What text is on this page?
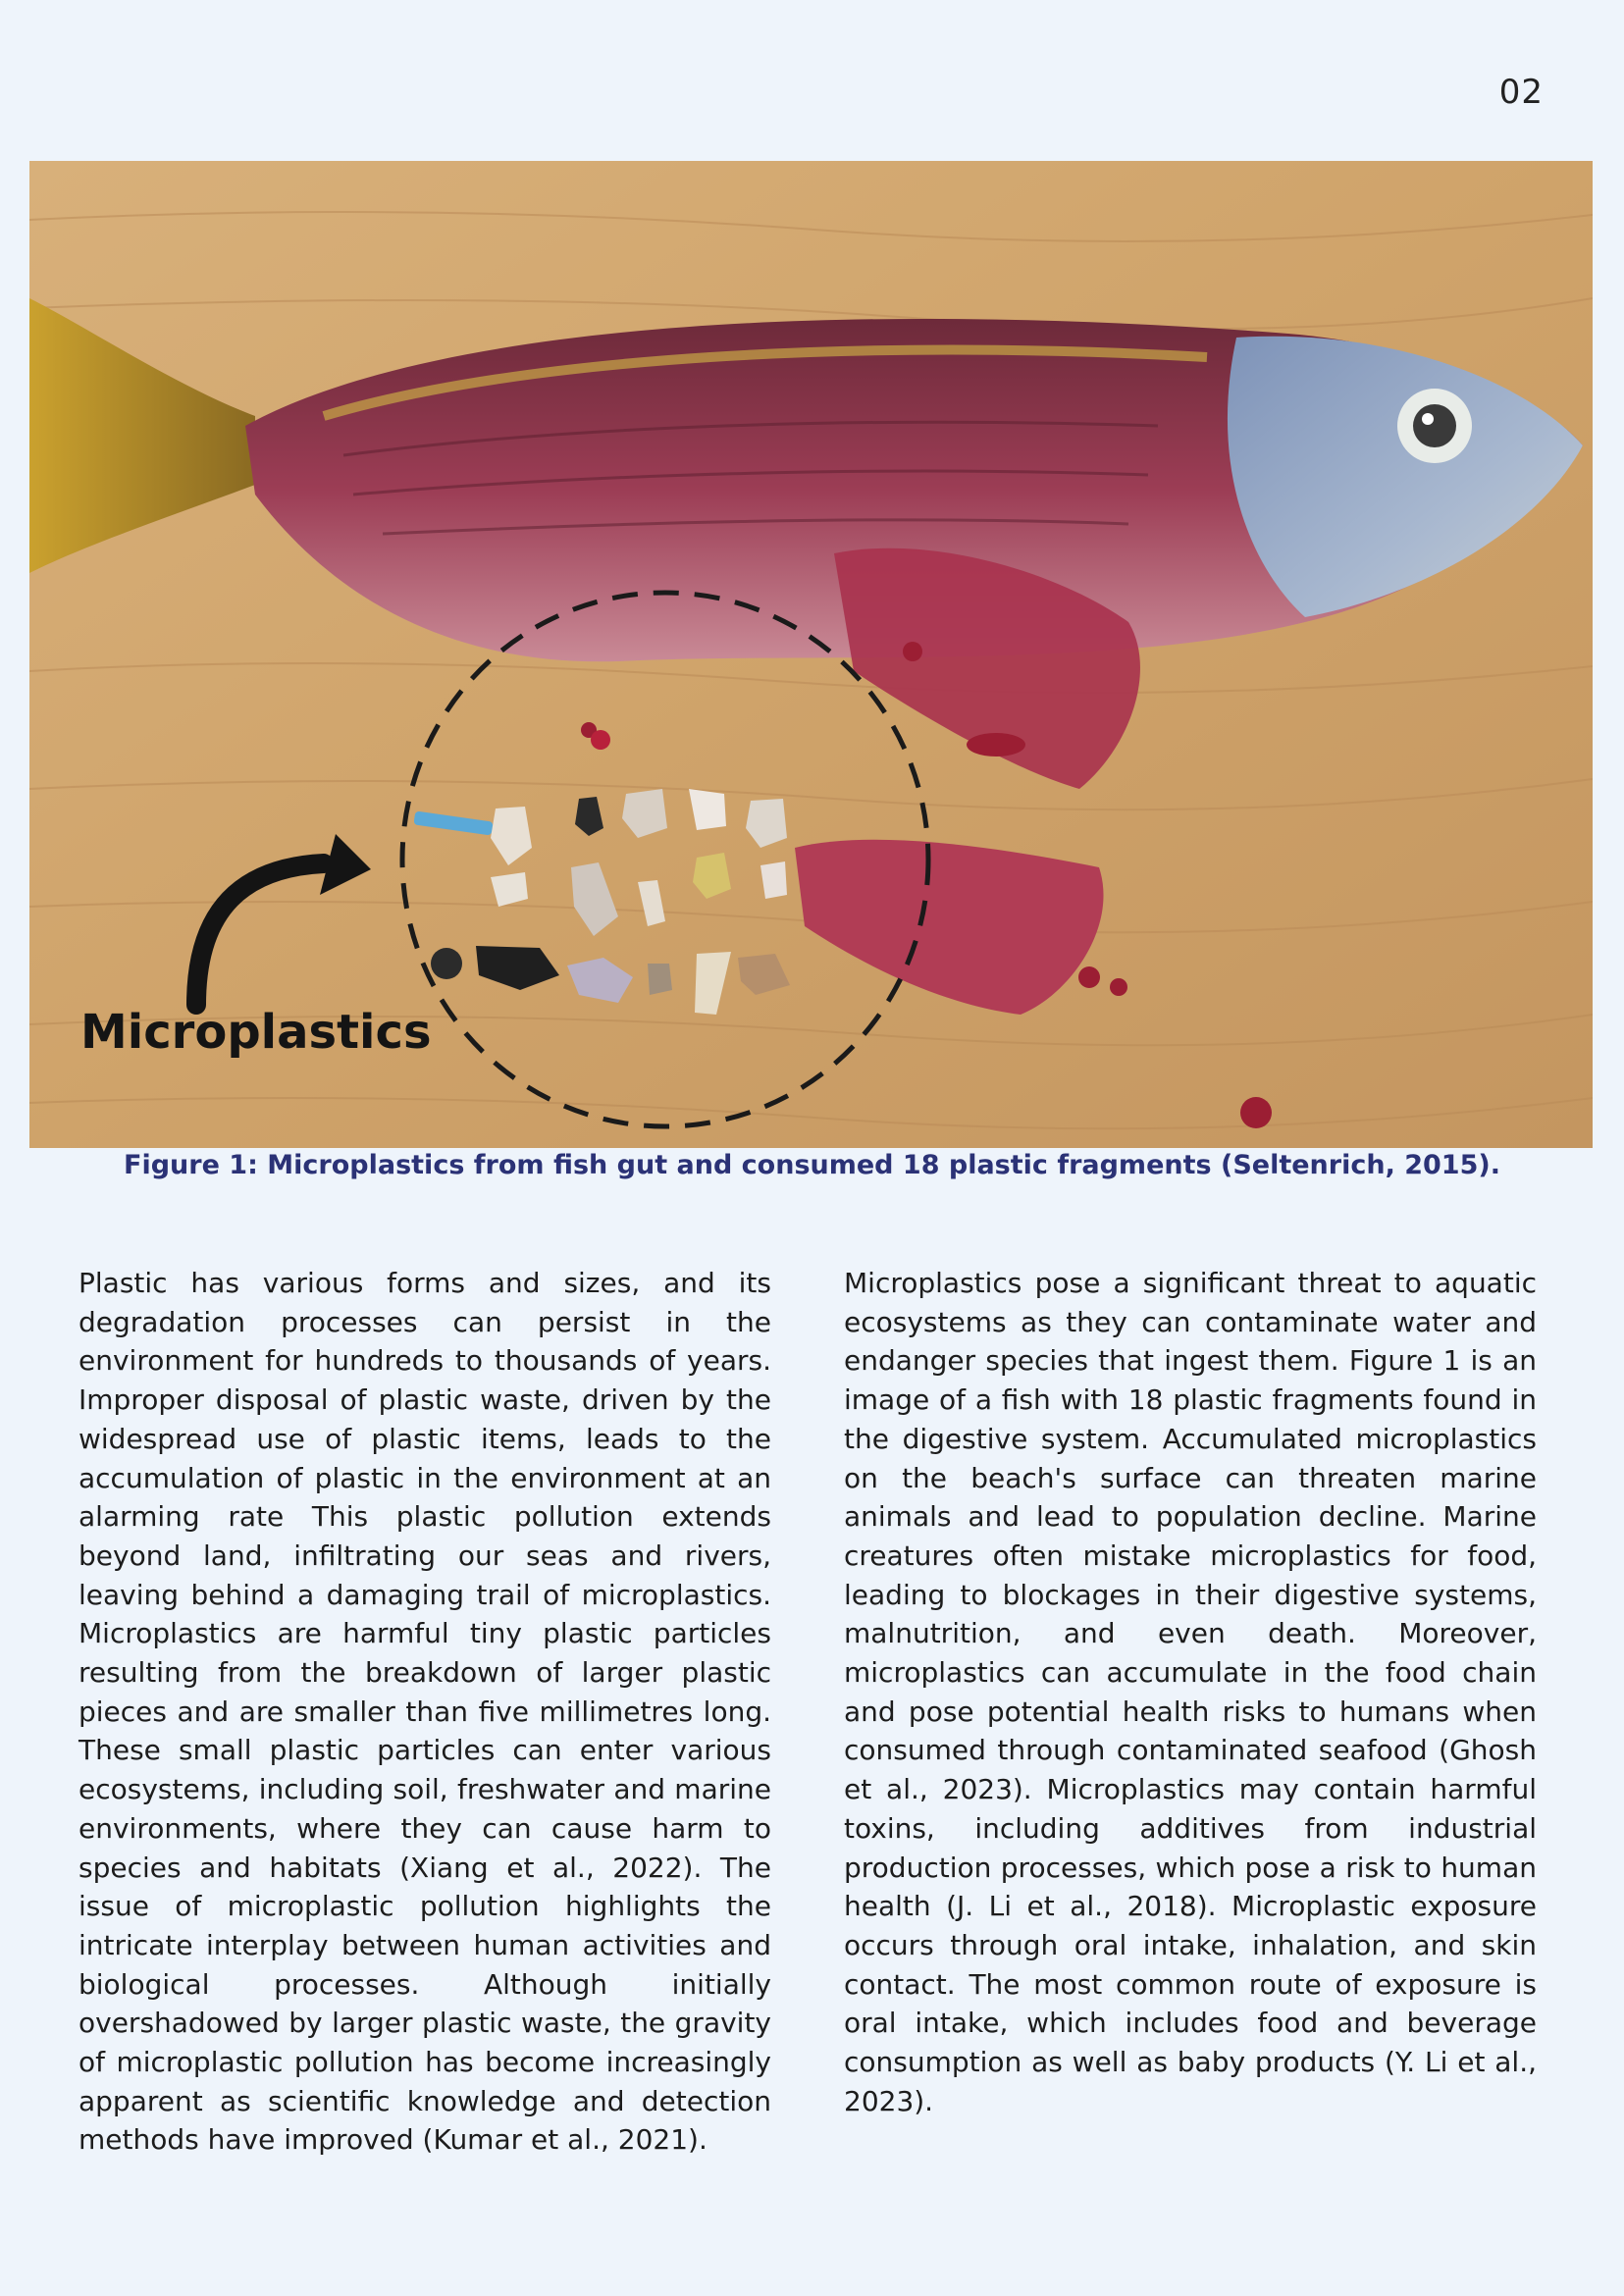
02
Microplastics
Figure 1: Microplastics from fish gut and consumed 18 plastic fragments (Seltenrich, 2015).

Plastic has various forms and sizes, and its degradation processes can persist in the environment for hundreds to thousands of years. Improper disposal of plastic waste, driven by the widespread use of plastic items, leads to the accumulation of plastic in the environment at an alarming rate This plastic pollution extends beyond land, infiltrating our seas and rivers, leaving behind a damaging trail of microplastics. Microplastics are harmful tiny plastic particles resulting from the breakdown of larger plastic pieces and are smaller than five millimetres long. These small plastic particles can enter various ecosystems, including soil, freshwater and marine environments, where they can cause harm to species and habitats (Xiang et al., 2022). The issue of microplastic pollution highlights the intricate interplay between human activities and biological processes. Although initially overshadowed by larger plastic waste, the gravity of microplastic pollution has become increasingly apparent as scientific knowledge and detection methods have improved (Kumar et al., 2021).

Microplastics pose a significant threat to aquatic ecosystems as they can contaminate water and endanger species that ingest them. Figure 1 is an image of a fish with 18 plastic fragments found in the digestive system. Accumulated microplastics on the beach's surface can threaten marine animals and lead to population decline. Marine creatures often mistake microplastics for food, leading to blockages in their digestive systems, malnutrition, and even death. Moreover, microplastics can accumulate in the food chain and pose potential health risks to humans when consumed through contaminated seafood (Ghosh et al., 2023). Microplastics may contain harmful toxins, including additives from industrial production processes, which pose a risk to human health (J. Li et al., 2018). Microplastic exposure occurs through oral intake, inhalation, and skin contact. The most common route of exposure is oral intake, which includes food and beverage consumption as well as baby products (Y. Li et al., 2023).
